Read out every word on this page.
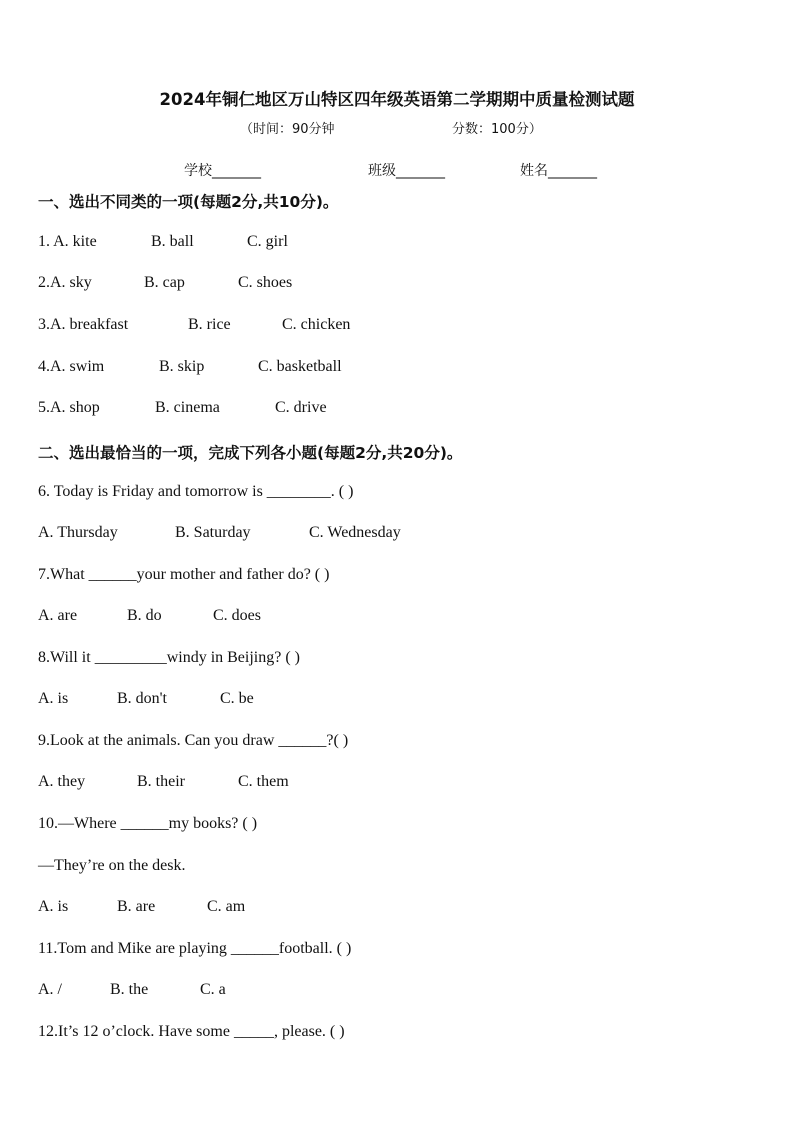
2024年铜仁地区万山特区四年级英语第二学期期中质量检测试题
（时间：90分钟	分数：100分）
学校_______	班级_______	姓名_______
一、选出不同类的一项(每题2分,共10分)。
1. A. kite	B. ball	C. girl
2.A. sky	B. cap	C. shoes
3.A. breakfast	B. rice	C. chicken
4.A. swim	B. skip	C. basketball
5.A. shop	B. cinema	C. drive
二、选出最恰当的一项，完成下列各小题(每题2分,共20分)。
6. Today is Friday and tomorrow is ________. ( )
A. Thursday	B. Saturday	C. Wednesday
7.What ______your mother and father do? ( )
A. are	B. do	C. does
8.Will it _________windy in Beijing? ( )
A. is	B. don't	C. be
9.Look at the animals. Can you draw ______?( )
A. they	B. their	C. them
10.—Where ______my books? ( )
—They’re on the desk.
A. is	B. are	C. am
11.Tom and Mike are playing ______football. ( )
A. /	B. the	C. a
12.It’s 12 o’clock. Have some _____, please. ( )
